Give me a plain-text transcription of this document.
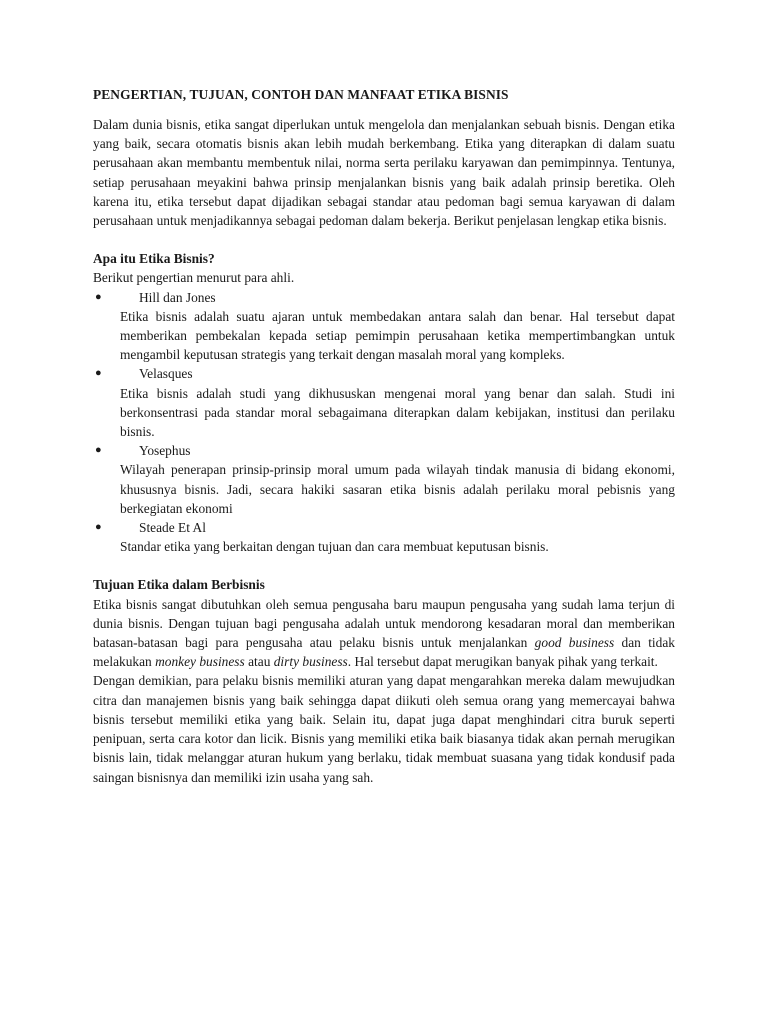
PENGERTIAN, TUJUAN, CONTOH DAN MANFAAT ETIKA BISNIS

Dalam dunia bisnis, etika sangat diperlukan untuk mengelola dan menjalankan sebuah bisnis. Dengan etika yang baik, secara otomatis bisnis akan lebih mudah berkembang. Etika yang diterapkan di dalam suatu perusahaan akan membantu membentuk nilai, norma serta perilaku karyawan dan pemimpinnya. Tentunya, setiap perusahaan meyakini bahwa prinsip menjalankan bisnis yang baik adalah prinsip beretika. Oleh karena itu, etika tersebut dapat dijadikan sebagai standar atau pedoman bagi semua karyawan di dalam perusahaan untuk menjadikannya sebagai pedoman dalam bekerja. Berikut penjelasan lengkap etika bisnis.

Apa itu Etika Bisnis?

Berikut pengertian menurut para ahli.

●	Hill dan Jones
Etika bisnis adalah suatu ajaran untuk membedakan antara salah dan benar. Hal tersebut dapat memberikan pembekalan kepada setiap pemimpin perusahaan ketika mempertimbangkan untuk mengambil keputusan strategis yang terkait dengan masalah moral yang kompleks.
●	Velasques
Etika bisnis adalah studi yang dikhususkan mengenai moral yang benar dan salah. Studi ini berkonsentrasi pada standar moral sebagaimana diterapkan dalam kebijakan, institusi dan perilaku bisnis.
●	Yosephus
Wilayah penerapan prinsip-prinsip moral umum pada wilayah tindak manusia di bidang ekonomi, khususnya bisnis. Jadi, secara hakiki sasaran etika bisnis adalah perilaku moral pebisnis yang berkegiatan ekonomi
●	Steade Et Al
Standar etika yang berkaitan dengan tujuan dan cara membuat keputusan bisnis.
Tujuan Etika dalam Berbisnis

Etika bisnis sangat dibutuhkan oleh semua pengusaha baru maupun pengusaha yang sudah lama terjun di dunia bisnis. Dengan tujuan bagi pengusaha adalah untuk mendorong kesadaran moral dan memberikan batasan-batasan bagi para pengusaha atau pelaku bisnis untuk menjalankan good business dan tidak melakukan monkey business atau dirty business. Hal tersebut dapat merugikan banyak pihak yang terkait.

Dengan demikian, para pelaku bisnis memiliki aturan yang dapat mengarahkan mereka dalam mewujudkan citra dan manajemen bisnis yang baik sehingga dapat diikuti oleh semua orang yang memercayai bahwa bisnis tersebut memiliki etika yang baik. Selain itu, dapat juga dapat menghindari citra buruk seperti penipuan, serta cara kotor dan licik. Bisnis yang memiliki etika baik biasanya tidak akan pernah merugikan bisnis lain, tidak melanggar aturan hukum yang berlaku, tidak membuat suasana yang tidak kondusif pada saingan bisnisnya dan memiliki izin usaha yang sah.
